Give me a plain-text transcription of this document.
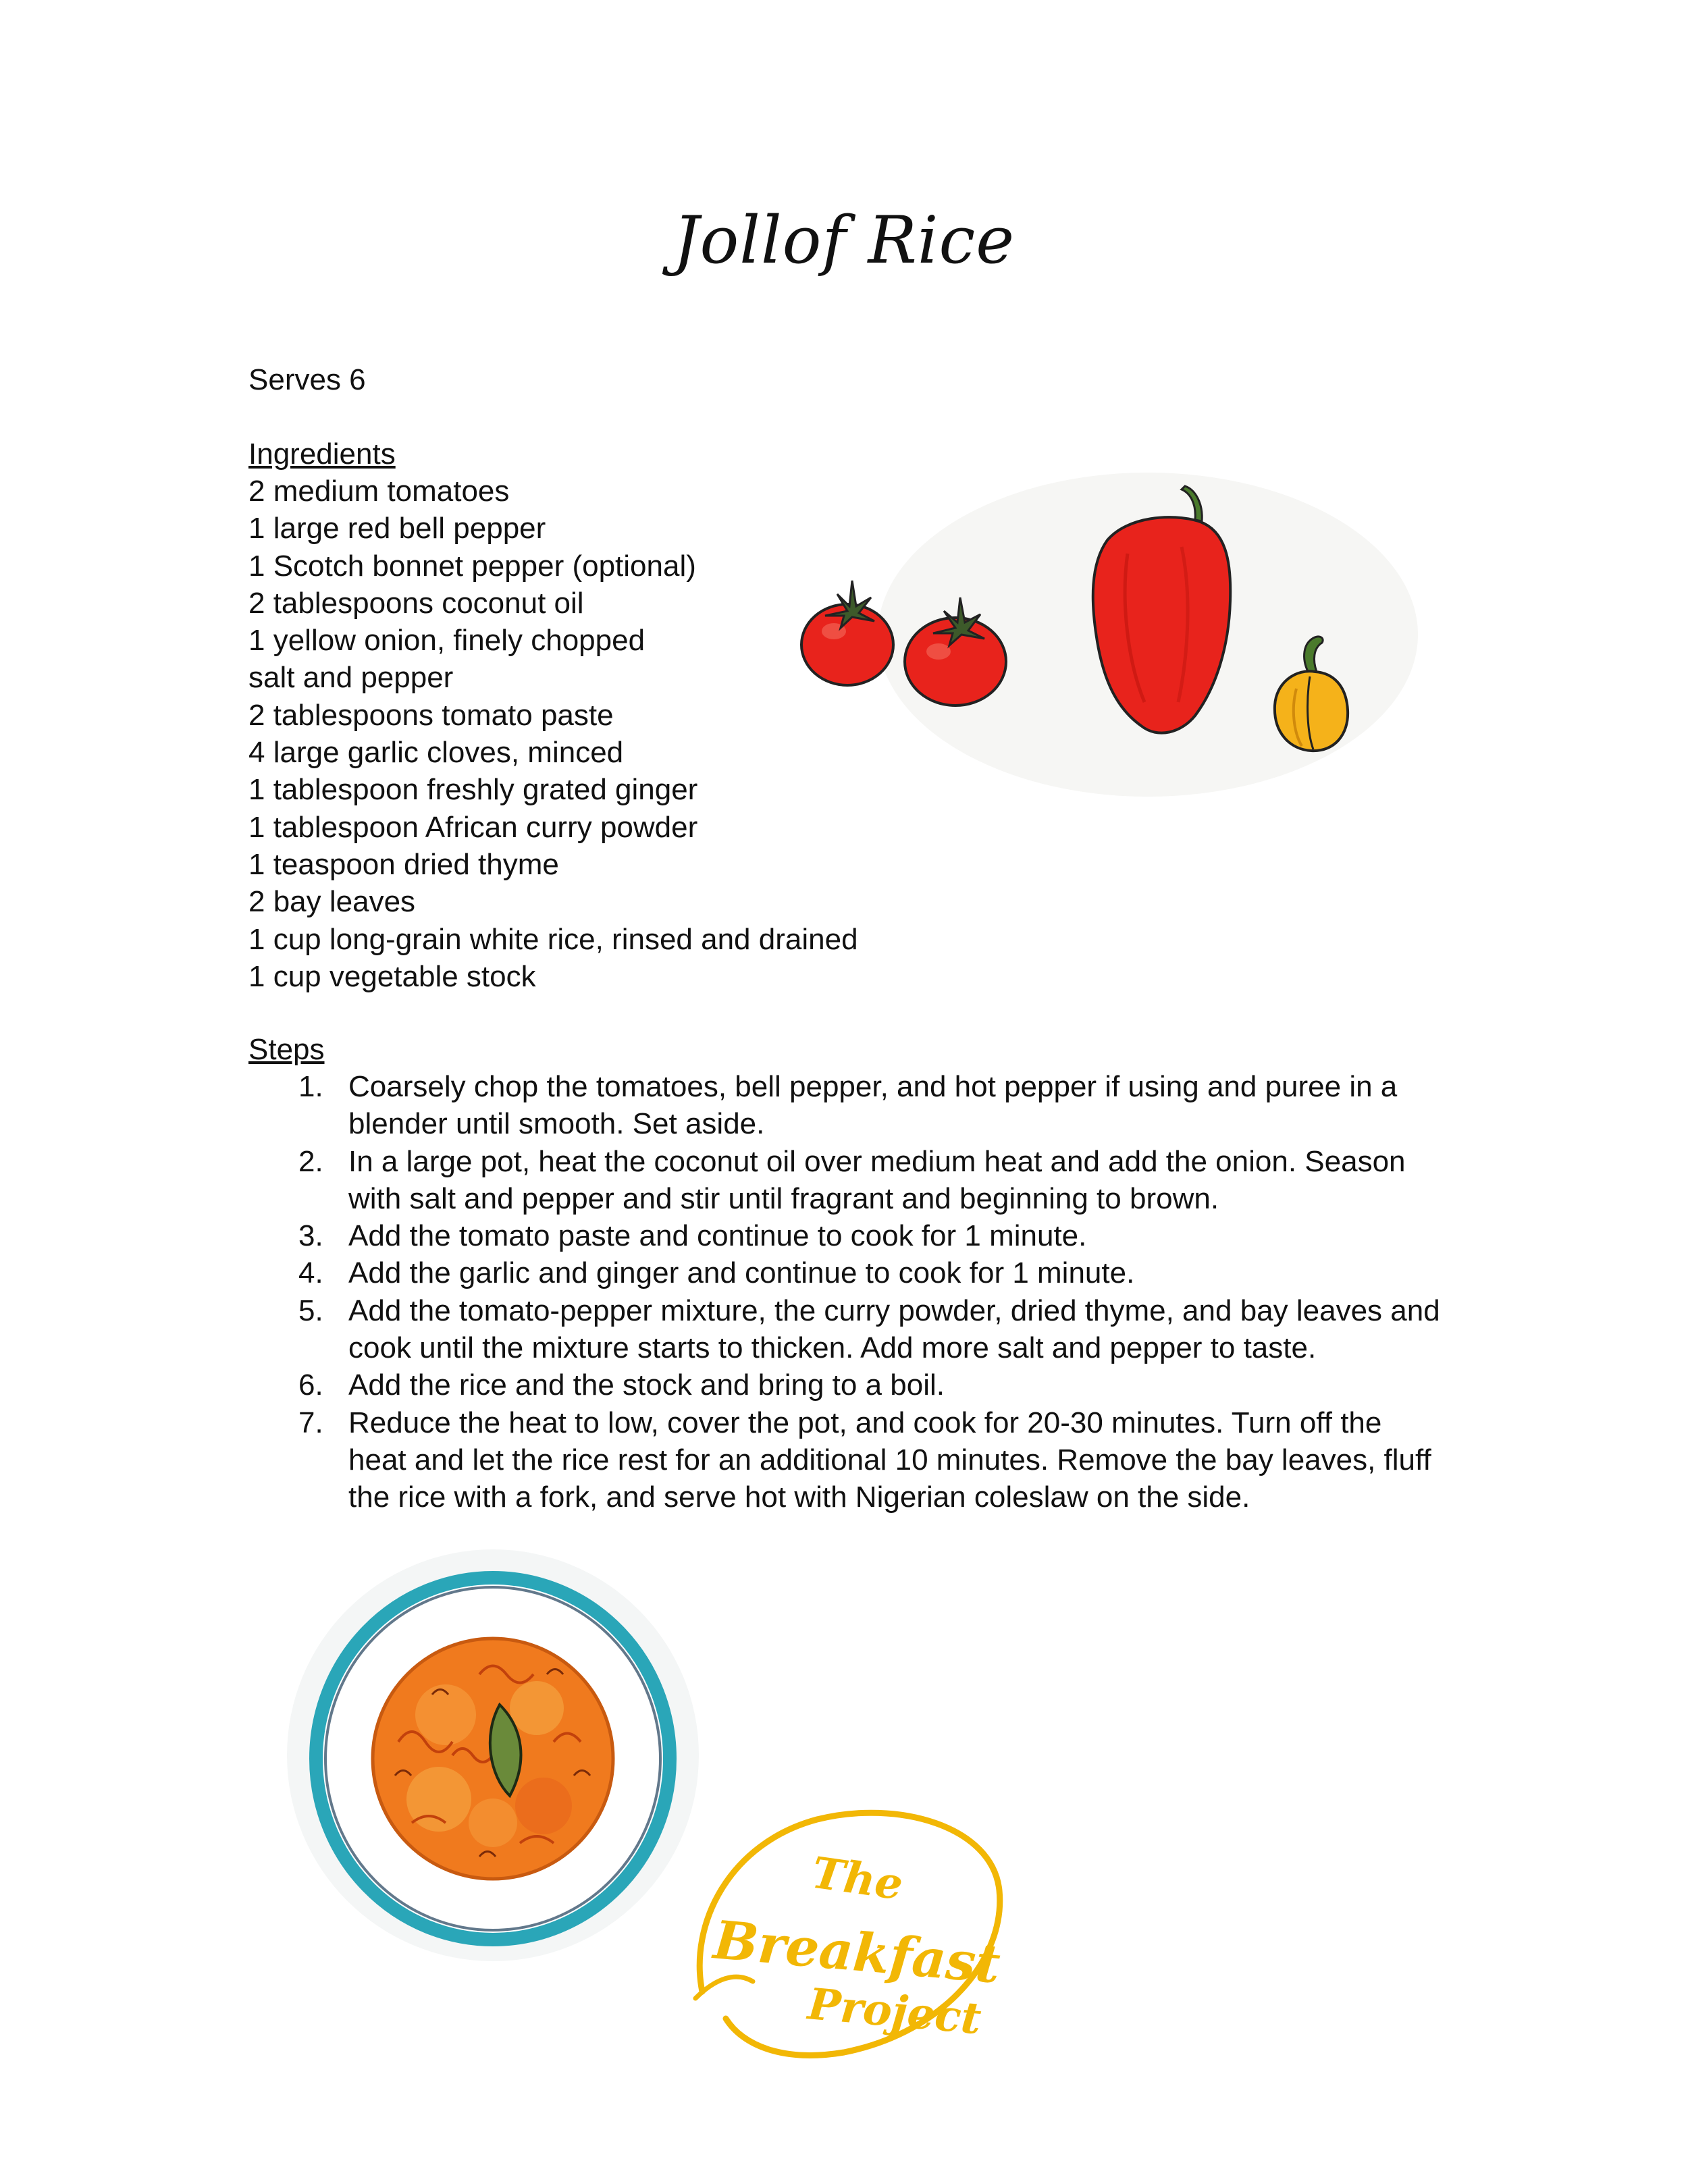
Jollof Rice
Serves 6
Ingredients
2 medium tomatoes
1 large red bell pepper
1 Scotch bonnet pepper (optional)
2 tablespoons coconut oil
1 yellow onion, finely chopped
salt and pepper
2 tablespoons tomato paste
4 large garlic cloves, minced
1 tablespoon freshly grated ginger
1 tablespoon African curry powder
1 teaspoon dried thyme
2 bay leaves
1 cup long-grain white rice, rinsed and drained
1 cup vegetable stock
Steps
1. Coarsely chop the tomatoes, bell pepper, and hot pepper if using and puree in a
blender until smooth. Set aside.
2. In a large pot, heat the coconut oil over medium heat and add the onion. Season
with salt and pepper and stir until fragrant and beginning to brown.
3. Add the tomato paste and continue to cook for 1 minute.
4. Add the garlic and ginger and continue to cook for 1 minute.
5. Add the tomato-pepper mixture, the curry powder, dried thyme, and bay leaves and
cook until the mixture starts to thicken. Add more salt and pepper to taste.
6. Add the rice and the stock and bring to a boil.
7. Reduce the heat to low, cover the pot, and cook for 20-30 minutes. Turn off the
heat and let the rice rest for an additional 10 minutes. Remove the bay leaves, fluff
the rice with a fork, and serve hot with Nigerian coleslaw on the side.
The
Breakfast
Project
